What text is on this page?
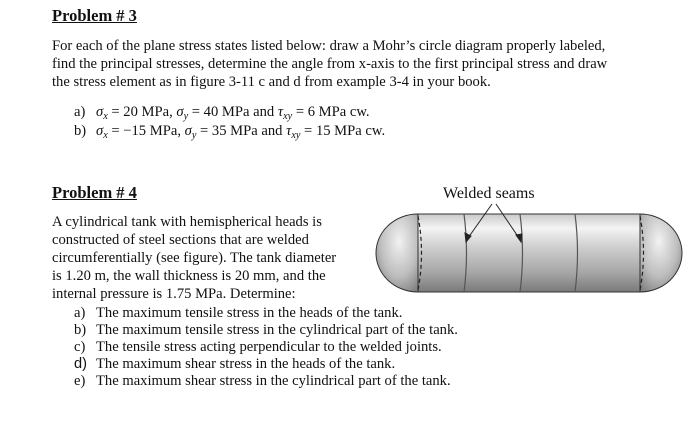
Problem # 3
For each of the plane stress states listed below: draw a Mohr’s circle diagram properly labeled,
find the principal stresses, determine the angle from x-axis to the first principal stress and draw
the stress element as in figure 3-11 c and d from example 3-4 in your book.
a) $\sigma_x = 20$ MPa, $\sigma_y = 40$ MPa and $\tau_{xy} = 6$ MPa cw.
b) $\sigma_x = -15$ MPa, $\sigma_y = 35$ MPa and $\tau_{xy} = 15$ MPa cw.
Problem # 4	Welded seams
A cylindrical tank with hemispherical heads is
constructed of steel sections that are welded
circumferentially (see figure). The tank diameter
is 1.20 m, the wall thickness is 20 mm, and the
internal pressure is 1.75 MPa. Determine:
a) The maximum tensile stress in the heads of the tank.
b) The maximum tensile stress in the cylindrical part of the tank.
c) The tensile stress acting perpendicular to the welded joints.
d) The maximum shear stress in the heads of the tank.
e) The maximum shear stress in the cylindrical part of the tank.
